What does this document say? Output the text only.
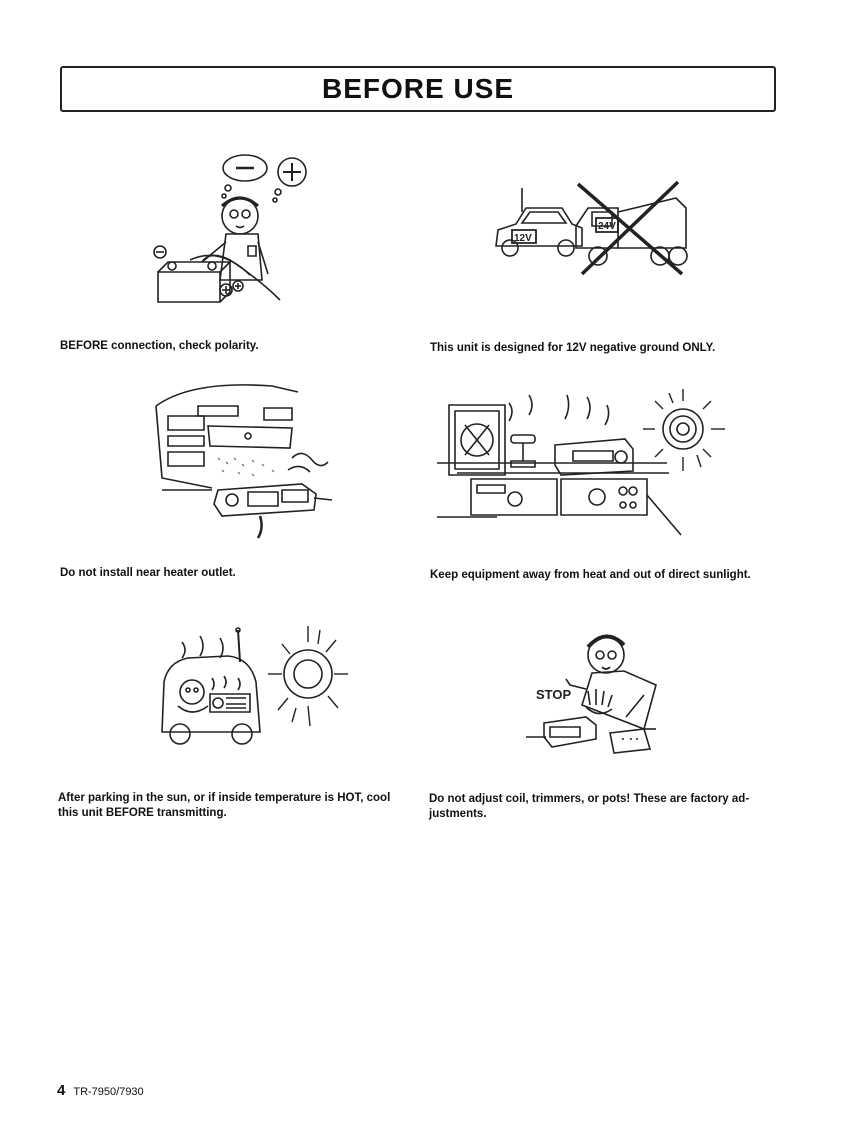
BEFORE USE
BEFORE connection, check polarity.
12V
24V
This unit is designed for 12V negative ground ONLY.
Do not install near heater outlet.	Keep equipment away from heat and out of direct sunlight.
After parking in the sun, or if inside temperature is HOT, cool this unit BEFORE transmitting.
STOP
Do not adjust coil, trimmers, or pots! These are factory ad-justments.
4 TR-7950/7930
